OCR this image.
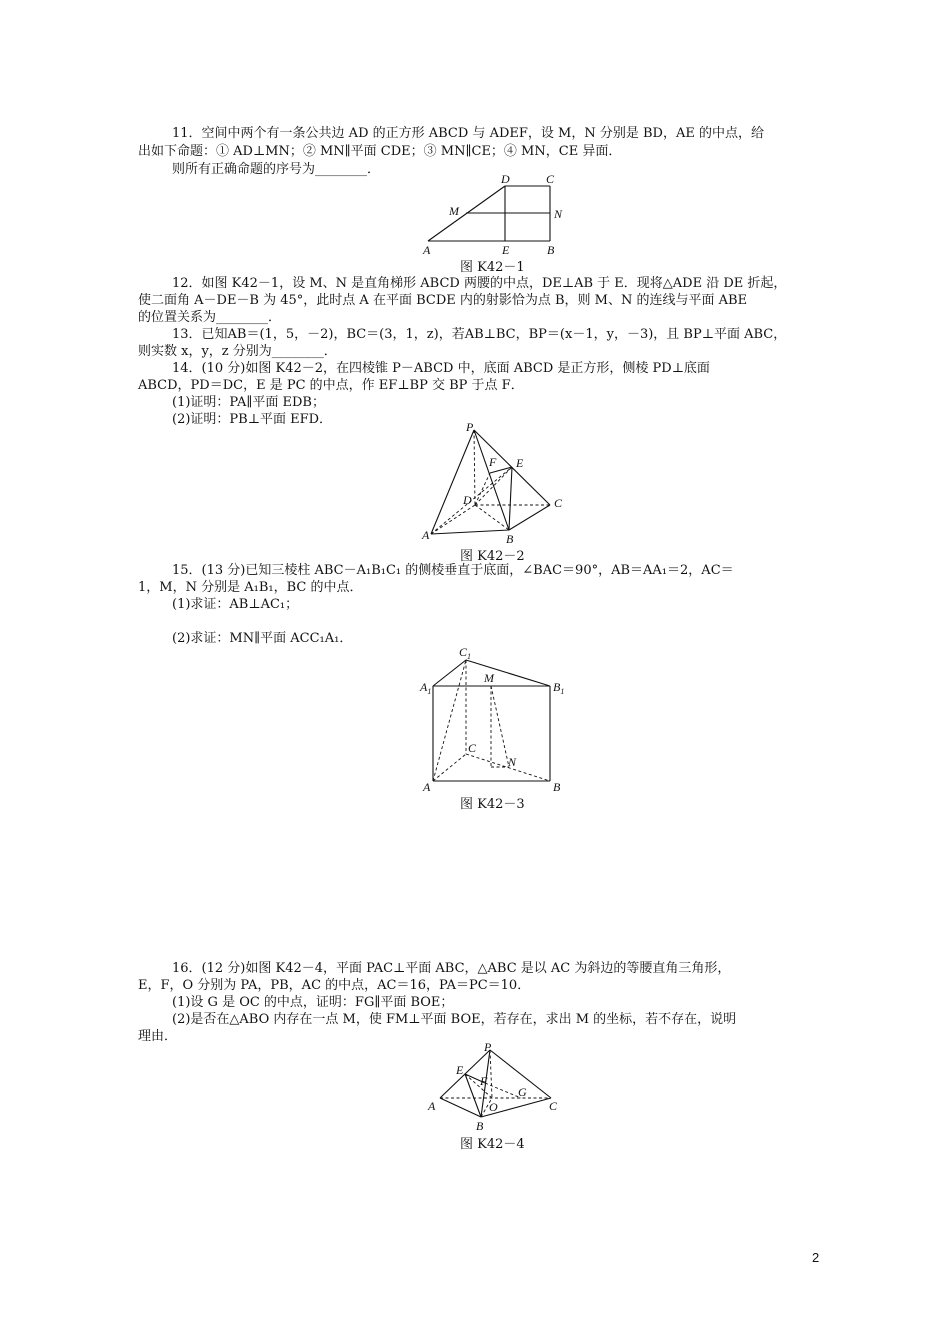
11．空间中两个有一条公共边 AD 的正方形 ABCD 与 ADEF，设 M，N 分别是 BD，AE 的中点，给
出如下命题：① AD⊥MN；② MN∥平面 CDE；③ MN∥CE；④ MN，CE 异面．
则所有正确命题的序号为________．
D	C
M	N
A	E	B
图 K42－1
12．如图 K42－1，设 M、N 是直角梯形 ABCD 两腰的中点，DE⊥AB 于 E．现将△ADE 沿 DE 折起，
使二面角 A－DE－B 为 45°，此时点 A 在平面 BCDE 内的射影恰为点 B，则 M、N 的连线与平面 ABE
的位置关系为________．
13．已知AB＝(1，5，－2)，BC＝(3，1，z)，若AB⊥BC，BP＝(x－1，y，－3)，且 BP⊥平面 ABC，
则实数 x，y，z 分别为________．
14．(10 分)如图 K42－2，在四棱锥 P－ABCD 中，底面 ABCD 是正方形，侧棱 PD⊥底面
ABCD，PD＝DC，E 是 PC 的中点，作 EF⊥BP 交 BP 于点 F．
(1)证明：PA∥平面 EDB；
(2)证明：PB⊥平面 EFD．	P
F E
D	C
A	B
图 K42－2
15．(13 分)已知三棱柱 ABC－A₁B₁C₁ 的侧棱垂直于底面，∠BAC＝90°，AB＝AA₁＝2，AC＝
1，M，N 分别是 A₁B₁，BC 的中点．
(1)求证：AB⊥AC₁；
(2)求证：MN∥平面 ACC₁A₁．
$C_1$
$A_1$
M
$B_1$
C
N
A	B
图 K42－3
16．(12 分)如图 K42－4，平面 PAC⊥平面 ABC，△ABC 是以 AC 为斜边的等腰直角三角形，
E，F，O 分别为 PA，PB，AC 的中点，AC＝16，PA＝PC＝10．
(1)设 G 是 OC 的中点，证明：FG∥平面 BOE；
(2)是否在△ABO 内存在一点 M，使 FM⊥平面 BOE，若存在，求出 M 的坐标，若不存在，说明
理由．
P
E
F
G
A	O	C
B
图 K42－4
2
